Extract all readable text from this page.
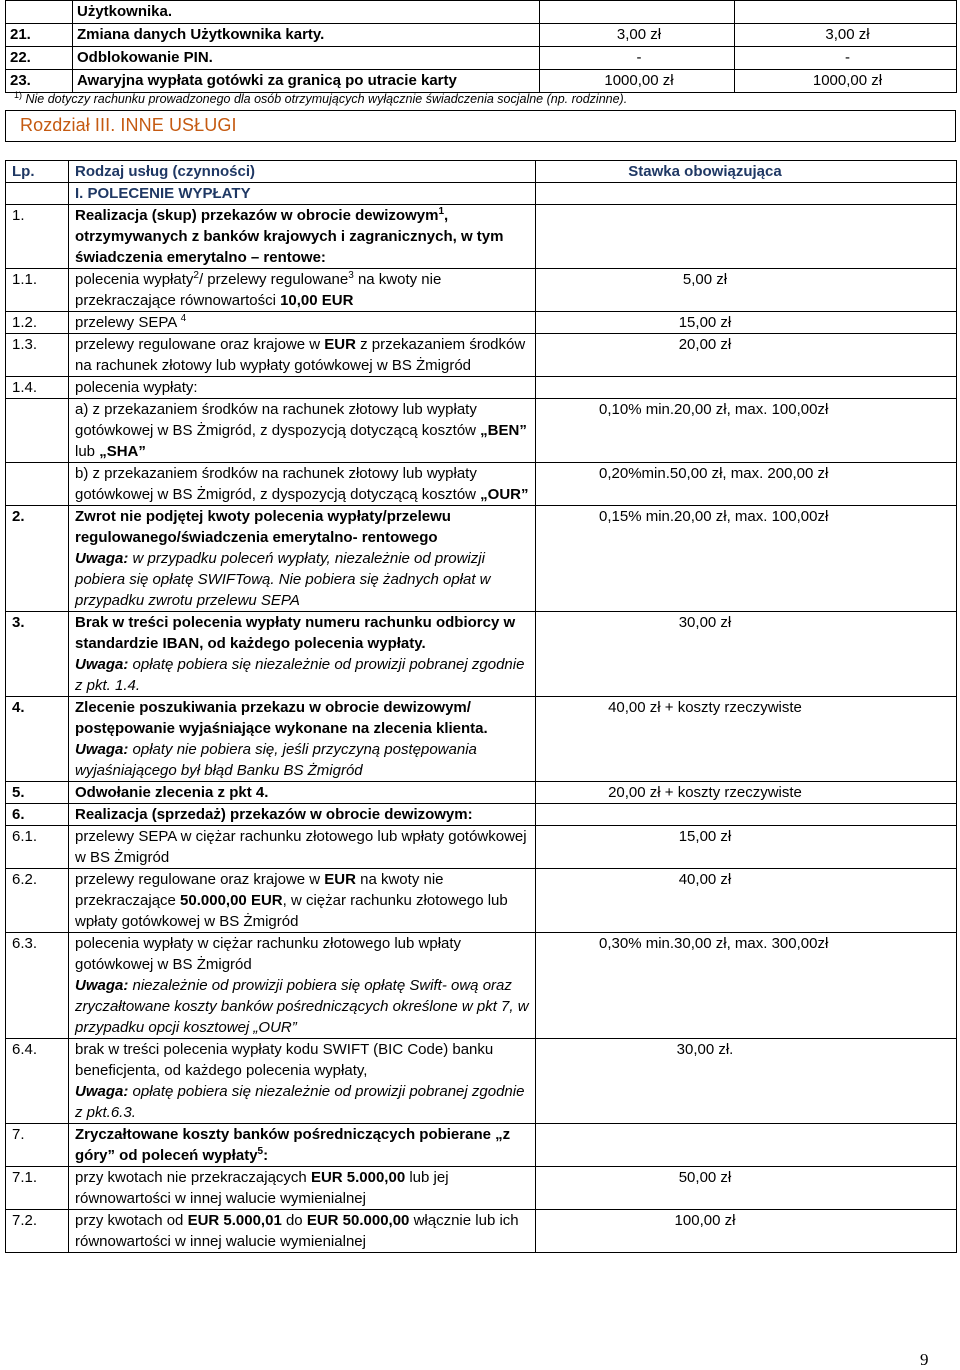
	Użytkownika.		
21.	Zmiana danych Użytkownika karty.	3,00 zł	3,00 zł
22.	Odblokowanie PIN.	-	-
23.	Awaryjna wypłata gotówki za granicą po utracie karty	1000,00 zł	1000,00 zł
$^{1)}$ Nie dotyczy rachunku prowadzonego dla osób otrzymujących wyłącznie świadczenia socjalne (np. rodzinne).
Rozdział III. INNE USŁUGI
Lp.	Rodzaj usług (czynności)	Stawka obowiązująca

	I. POLECENIE WYPŁATY	
1.	Realizacja (skup) przekazów w obrocie dewizowym$^1$, otrzymywanych z banków krajowych i zagranicznych, w tym świadczenia emerytalno – rentowe:	
1.1.	polecenia wypłaty$^2$/ przelewy regulowane$^3$ na kwoty nie przekraczające równowartości 10,00 EUR	5,00 zł

1.2.	przelewy SEPA $^4$	15,00 zł

1.3.	przelewy regulowane oraz krajowe w EUR z przekazaniem środków na rachunek złotowy lub wypłaty gotówkowej w BS Żmigród	20,00 zł

1.4.	polecenia wypłaty:	
	a) z przekazaniem środków na rachunek złotowy lub wypłaty gotówkowej w BS Żmigród, z dyspozycją dotyczącą kosztów „BEN” lub „SHA”	0,10% min.20,00 zł, max. 100,00zł

	b) z przekazaniem środków na rachunek złotowy lub wypłaty gotówkowej w BS Żmigród, z dyspozycją dotyczącą kosztów „OUR”	0,20%min.50,00 zł, max. 200,00 zł

2.	Zwrot nie podjętej kwoty polecenia wypłaty/przelewu regulowanego/świadczenia emerytalno- rentowego
Uwaga: w przypadku poleceń wypłaty, niezależnie od prowizji pobiera się opłatę SWIFTową. Nie pobiera się żadnych opłat w przypadku zwrotu przelewu SEPA	0,15% min.20,00 zł, max. 100,00zł

3.	Brak w treści polecenia wypłaty numeru rachunku odbiorcy w standardzie IBAN, od każdego polecenia wypłaty.
Uwaga: opłatę pobiera się niezależnie od prowizji pobranej zgodnie z pkt. 1.4.	30,00 zł

4.	Zlecenie poszukiwania przekazu w obrocie dewizowym/ postępowanie wyjaśniające wykonane na zlecenia klienta.
Uwaga: opłaty nie pobiera się, jeśli przyczyną postępowania wyjaśniającego był błąd Banku BS Żmigród	40,00 zł + koszty rzeczywiste

5.	Odwołanie zlecenia z pkt 4.	20,00 zł + koszty rzeczywiste

6.	Realizacja (sprzedaż) przekazów w obrocie dewizowym:	
6.1.	przelewy SEPA w ciężar rachunku złotowego lub wpłaty gotówkowej w BS Żmigród	15,00 zł

6.2.	przelewy regulowane oraz krajowe w EUR na kwoty nie przekraczające 50.000,00 EUR, w ciężar rachunku złotowego lub wpłaty gotówkowej w BS Żmigród	40,00 zł

6.3.	polecenia wypłaty w ciężar rachunku złotowego lub wpłaty gotówkowej w BS Żmigród
Uwaga: niezależnie od prowizji pobiera się opłatę Swift- ową oraz zryczałtowane koszty banków pośredniczących określone w pkt 7, w przypadku opcji kosztowej „OUR”	0,30% min.30,00 zł, max. 300,00zł

6.4.	brak w treści polecenia wypłaty kodu SWIFT (BIC Code) banku beneficjenta, od każdego polecenia wypłaty,
Uwaga: opłatę pobiera się niezależnie od prowizji pobranej zgodnie z pkt.6.3.	30,00 zł.

7.	Zryczałtowane koszty banków pośredniczących pobierane „z góry” od poleceń wypłaty$^5$:	
7.1.	przy kwotach nie przekraczających EUR 5.000,00 lub jej równowartości w innej walucie wymienialnej	50,00 zł

7.2.	przy kwotach od EUR 5.000,01 do EUR 50.000,00 włącznie lub ich równowartości w innej walucie wymienialnej	100,00 zł
9
